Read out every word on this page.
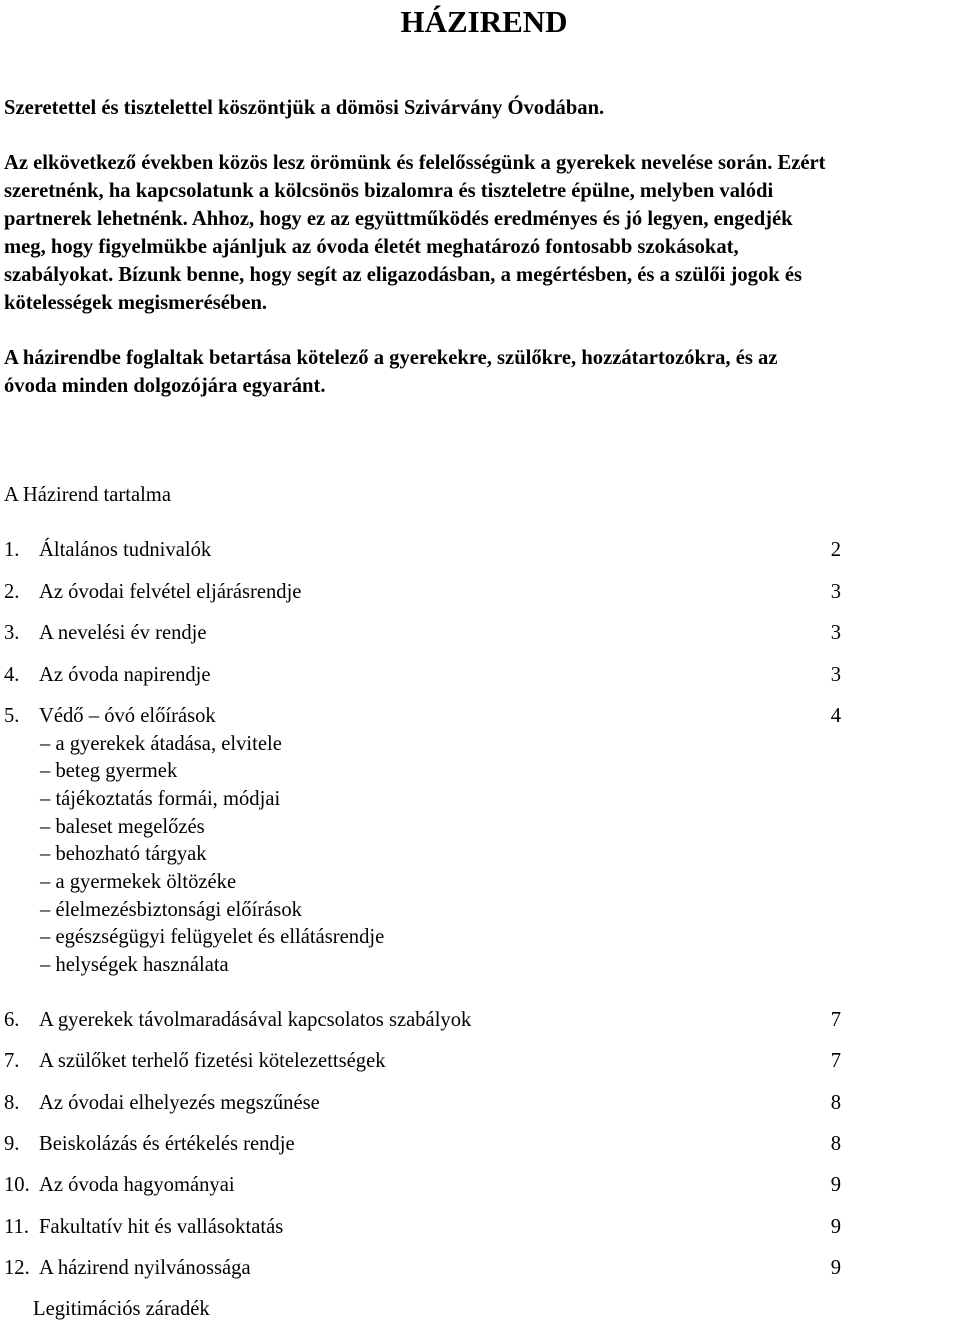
HÁZIREND
Szeretettel és tisztelettel köszöntjük a dömösi Szivárvány Óvodában.
Az elkövetkező években közös lesz örömünk és felelősségünk a gyerekek nevelése során. Ezért
szeretnénk, ha kapcsolatunk a kölcsönös bizalomra és tiszteletre épülne, melyben valódi
partnerek lehetnénk. Ahhoz, hogy ez az együttműködés eredményes és jó legyen, engedjék
meg, hogy figyelmükbe ajánljuk az óvoda életét meghatározó fontosabb szokásokat,
szabályokat. Bízunk benne, hogy segít az eligazodásban, a megértésben, és a szülői jogok és
kötelességek megismerésében.
A házirendbe foglaltak betartása kötelező a gyerekekre, szülőkre, hozzátartozókra, és az
óvoda minden dolgozójára egyaránt.
A Házirend tartalma
1. Általános tudnivalók	2
2. Az óvodai felvétel eljárásrendje	3
3. A nevelési év rendje	3
4. Az óvoda napirendje	3
5. Védő – óvó előírások	4
6. A gyerekek távolmaradásával kapcsolatos szabályok	7
7. A szülőket terhelő fizetési kötelezettségek	7
8. Az óvodai elhelyezés megszűnése	8
9. Beiskolázás és értékelés rendje	8
10. Az óvoda hagyományai	9
11. Fakultatív hit és vallásoktatás	9
12. A házirend nyilvánossága	9
– a gyerekek átadása, elvitele
– beteg gyermek
– tájékoztatás formái, módjai
– baleset megelőzés
– behozható tárgyak
– a gyermekek öltözéke
– élelmezésbiztonsági előírások
– egészségügyi felügyelet és ellátásrendje
– helységek használata
Legitimációs záradék
